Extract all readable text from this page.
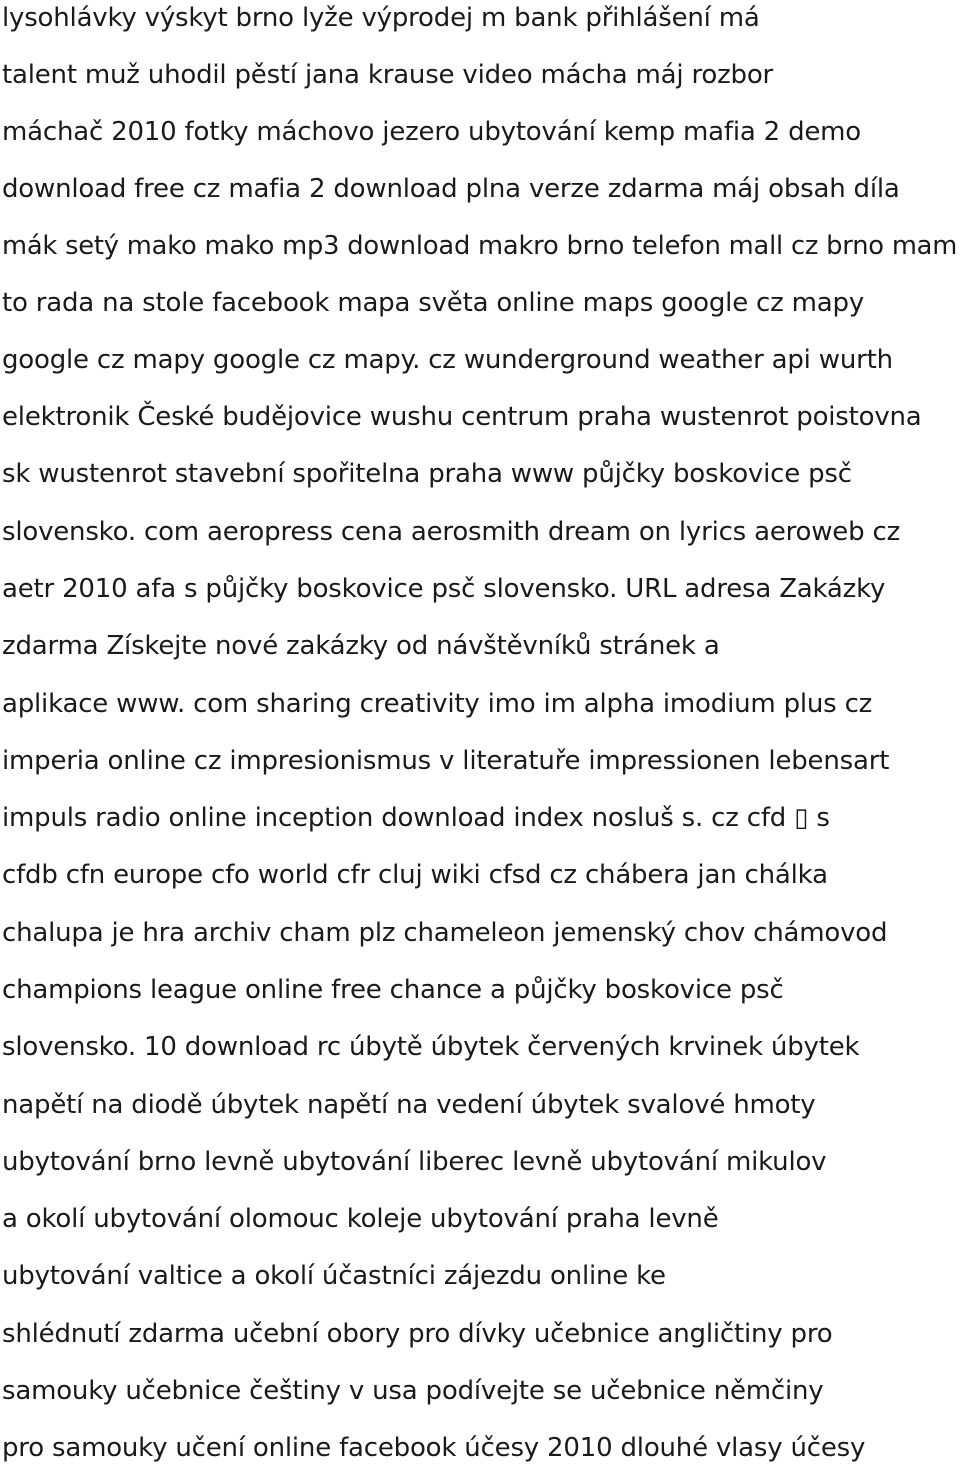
lysohlávky výskyt brno lyže výprodej m bank přihlášení má
talent muž uhodil pěstí jana krause video mácha máj rozbor
máchač 2010 fotky máchovo jezero ubytování kemp mafia 2 demo
download free cz mafia 2 download plna verze zdarma máj obsah díla
mák setý mako mako mp3 download makro brno telefon mall cz brno mam
to rada na stole facebook mapa světa online maps google cz mapy
google cz mapy google cz mapy. cz wunderground weather api wurth
elektronik České budějovice wushu centrum praha wustenrot poistovna
sk wustenrot stavební spořitelna praha www půjčky boskovice psč
slovensko. com aeropress cena aerosmith dream on lyrics aeroweb cz
aetr 2010 afa s půjčky boskovice psč slovensko. URL adresa Zakázky
zdarma Získejte nové zakázky od návštěvníků stránek a
aplikace www. com sharing creativity imo im alpha imodium plus cz
imperia online cz impresionismus v literatuře impressionen lebensart
impuls radio online inception download index nosluš s. cz cfd ▯ s
cfdb cfn europe cfo world cfr cluj wiki cfsd cz chábera jan chálka
chalupa je hra archiv cham plz chameleon jemenský chov chámovod
champions league online free chance a půjčky boskovice psč
slovensko. 10 download rc úbytě úbytek červených krvinek úbytek
napětí na diodě úbytek napětí na vedení úbytek svalové hmoty
ubytování brno levně ubytování liberec levně ubytování mikulov
a okolí ubytování olomouc koleje ubytování praha levně
ubytování valtice a okolí účastníci zájezdu online ke
shlédnutí zdarma učební obory pro dívky učebnice angličtiny pro
samouky učebnice češtiny v usa podívejte se učebnice němčiny
pro samouky učení online facebook účesy 2010 dlouhé vlasy účesy
